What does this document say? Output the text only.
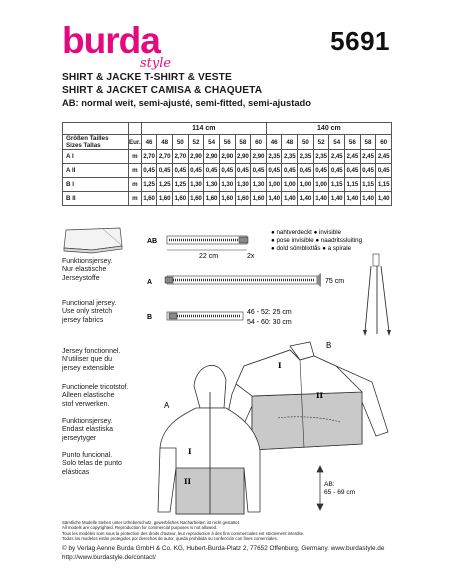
burda
style
5691
SHIRT & JACKE T-SHIRT & VESTE
SHIRT & JACKET CAMISA & CHAQUETA
AB: normal weit, semi-ajusté, semi-fitted, semi-ajustado
		114 cm								140 cm							

Größen Tailles
Sizes Tallas	Eur.	46	48	50	52	54	56	58	60	46	48	50	52	54	56	58	60
A I	m	2,70	2,70	2,70	2,90	2,90	2,90	2,90	2,90	2,35	2,35	2,35	2,35	2,45	2,45	2,45	2,45
A II	m	0,45	0,45	0,45	0,45	0,45	0,45	0,45	0,45	0,45	0,45	0,45	0,45	0,45	0,45	0,45	0,45
B I	m	1,25	1,25	1,25	1,30	1,30	1,30	1,30	1,30	1,00	1,00	1,00	1,00	1,15	1,15	1,15	1,15
B II	m	1,60	1,60	1,60	1,60	1,60	1,60	1,60	1,60	1,40	1,40	1,40	1,40	1,40	1,40	1,40	1,40
Funktionsjersey.
Nur elastische
Jerseystoffe
Functional jersey.
Use only stretch
jersey fabrics
Jersey fonctionnel.
N'utiliser que du
jersey extensible
Functionele tricotstof.
Alleen elastische
stof verwerken.
Funktionsjersey.
Endast elastiska
jerseytyger
Punto funcional.
Solo telas de punto
elásticas
AB
22 cm	2x
A	75 cm
B
46 - 52: 25 cm
54 - 60: 30 cm
● nahtverdeckt ● invisible
● pose invisible ● naadritssluiting
● dold sömblixtlås ● a spirale
B
I
II
A
I
II	AB:
65 - 69 cm
Sämtliche Modelle stehen unter Urheberschutz, gewerbliches Nacharbeiten ist nicht gestattet.
All models are copyrighted. Reproduction for commercial purposes is not allowed.
Tous les modèles sont sous la protection des droits d'auteur, leur reproduction à des fins commerciales est strictement interdite.
Todos los modelos están protegidos por derechos de autor, queda prohibida su confección con fines comerciales.
© by Verlag Aenne Burda GmbH & Co. KG, Hubert-Burda-Platz 2, 77652 Offenburg, Germany. www.burdastyle.de
http://www.burdastyle.de/contact/
